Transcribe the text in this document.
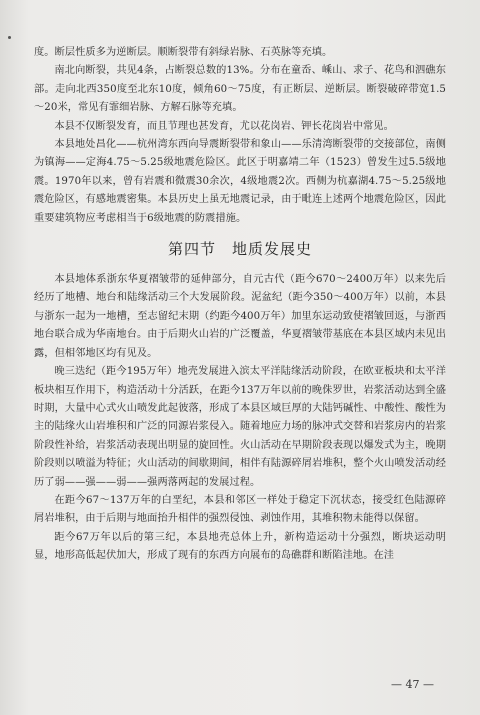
度。断层性质多为逆断层。顺断裂带有斜绿岩脉、石英脉等充填。

南北向断裂，共见4条，占断裂总数的13%。分布在童岙、嵊山、求子、花鸟和泗礁东部。走向北西350度至北东10度，倾角60～75度，有正断层、逆断层。断裂破碎带宽1.5～20米，常见有霏细岩脉、方解石脉等充填。

本县不仅断裂发育，而且节理也甚发育，尤以花岗岩、钾长花岗岩中常见。

本县地处昌化——杭州湾东西向导震断裂带和象山——乐清湾断裂带的交接部位，南侧为镇海——定海4.75～5.25级地震危险区。此区于明嘉靖二年（1523）曾发生过5.5级地震。1970年以来，曾有岩震和微震30余次，4级地震2次。西侧为杭嘉湖4.75～5.25级地震危险区，有感地震密集。本县历史上虽无地震记录，由于毗连上述两个地震危险区，因此重要建筑物应考虑相当于6级地震的防震措施。

第四节　地质发展史

本县地体系浙东华夏褶皱带的延伸部分，自元古代（距今670～2400万年）以来先后经历了地槽、地台和陆缘活动三个大发展阶段。泥盆纪（距今350～400万年）以前，本县与浙东一起为一地槽，至志留纪末期（约距今400万年）加里东运动致使褶皱回返，与浙西地台联合成为华南地台。由于后期火山岩的广泛覆盖，华夏褶皱带基底在本县区域内未见出露，但相邻地区均有见及。

晚三迭纪（距今195万年）地壳发展进入滨太平洋陆缘活动阶段，在欧亚板块和太平洋板块相互作用下，构造活动十分活跃，在距今137万年以前的晚侏罗世，岩浆活动达到全盛时期，大量中心式火山喷发此起彼落，形成了本县区域巨厚的大陆钙碱性、中酸性、酸性为主的陆缘火山岩堆积和广泛的同源岩浆侵入。随着地应力场的脉冲式交替和岩浆房内的岩浆阶段性补给，岩浆活动表现出明显的旋回性。火山活动在早期阶段表现以爆发式为主，晚期阶段则以喷溢为特征；火山活动的间歇期间，相伴有陆源碎屑岩堆积，整个火山喷发活动经历了弱——强——弱——强两落两起的发展过程。

在距今67～137万年的白垩纪，本县和邻区一样处于稳定下沉状态，接受红色陆源碎屑岩堆积，由于后期与地面抬升相伴的强烈侵蚀、剥蚀作用，其堆积物未能得以保留。

距今67万年以后的第三纪，本县地壳总体上升，新构造运动十分强烈，断块运动明显，地形高低起伏加大，形成了现有的东西方向展布的岛礁群和断陷洼地。在洼

— 47 —
